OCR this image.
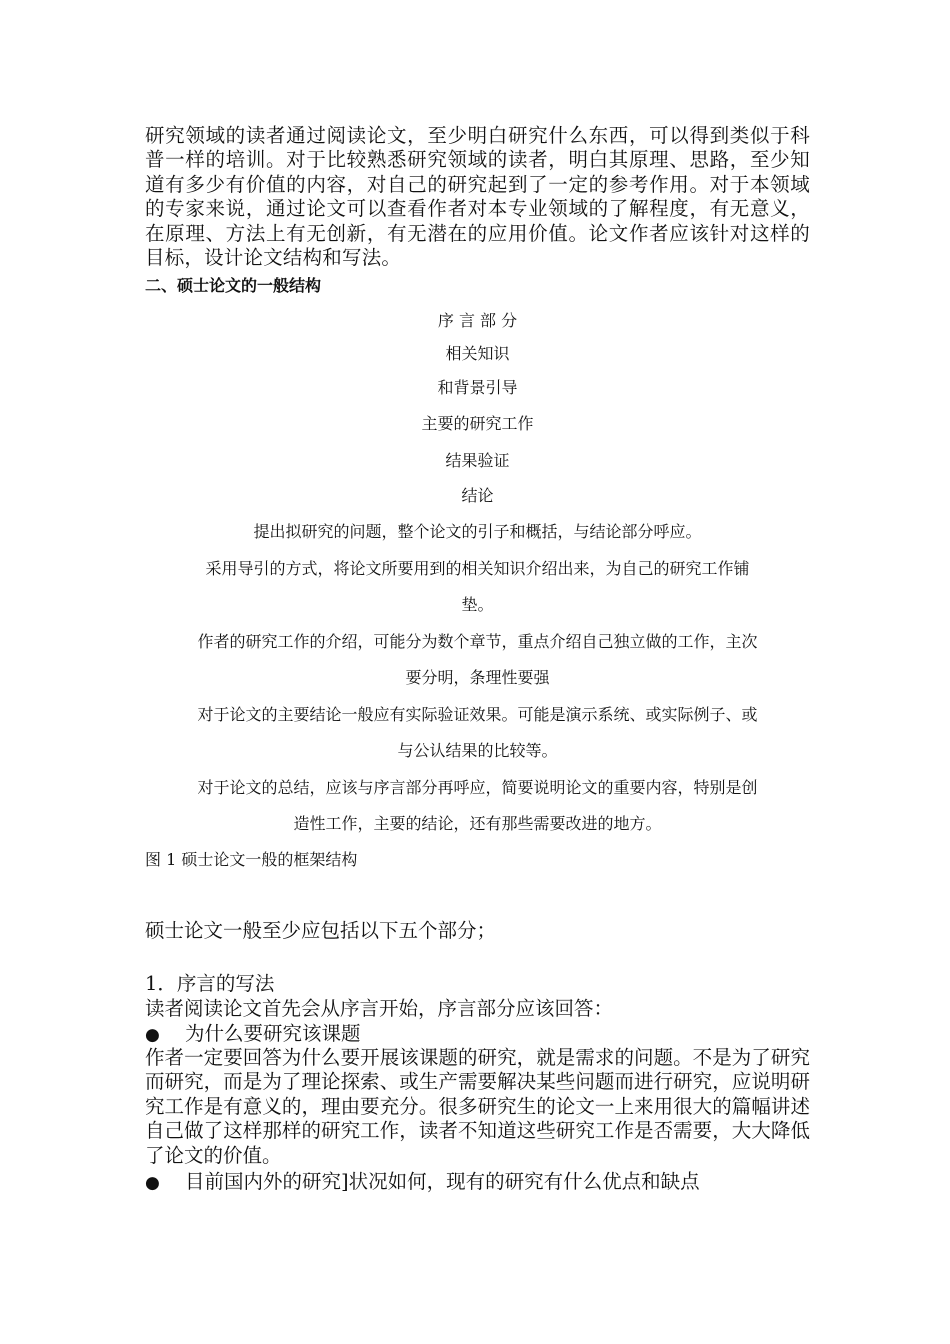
研究领域的读者通过阅读论文，至少明白研究什么东西，可以得到类似于科普一样的培训。对于比较熟悉研究领域的读者，明白其原理、思路，至少知道有多少有价值的内容，对自己的研究起到了一定的参考作用。对于本领域的专家来说，通过论文可以查看作者对本专业领域的了解程度，有无意义，在原理、方法上有无创新，有无潜在的应用价值。论文作者应该针对这样的目标，设计论文结构和写法。
二、硕士论文的一般结构
序 言 部 分
相关知识
和背景引导
主要的研究工作
结果验证
结论
提出拟研究的问题，整个论文的引子和概括，与结论部分呼应。
采用导引的方式，将论文所要用到的相关知识介绍出来，为自己的研究工作铺
垫。
作者的研究工作的介绍，可能分为数个章节，重点介绍自己独立做的工作，主次
要分明，条理性要强
对于论文的主要结论一般应有实际验证效果。可能是演示系统、或实际例子、或
与公认结果的比较等。
对于论文的总结，应该与序言部分再呼应，简要说明论文的重要内容，特别是创
造性工作，主要的结论，还有那些需要改进的地方。
图 1 硕士论文一般的框架结构
硕士论文一般至少应包括以下五个部分；
1．序言的写法
读者阅读论文首先会从序言开始，序言部分应该回答：
● 为什么要研究该课题
作者一定要回答为什么要开展该课题的研究，就是需求的问题。不是为了研究而研究，而是为了理论探索、或生产需要解决某些问题而进行研究，应说明研究工作是有意义的，理由要充分。很多研究生的论文一上来用很大的篇幅讲述自己做了这样那样的研究工作，读者不知道这些研究工作是否需要，大大降低了论文的价值。
● 目前国内外的研究]状况如何，现有的研究有什么优点和缺点
